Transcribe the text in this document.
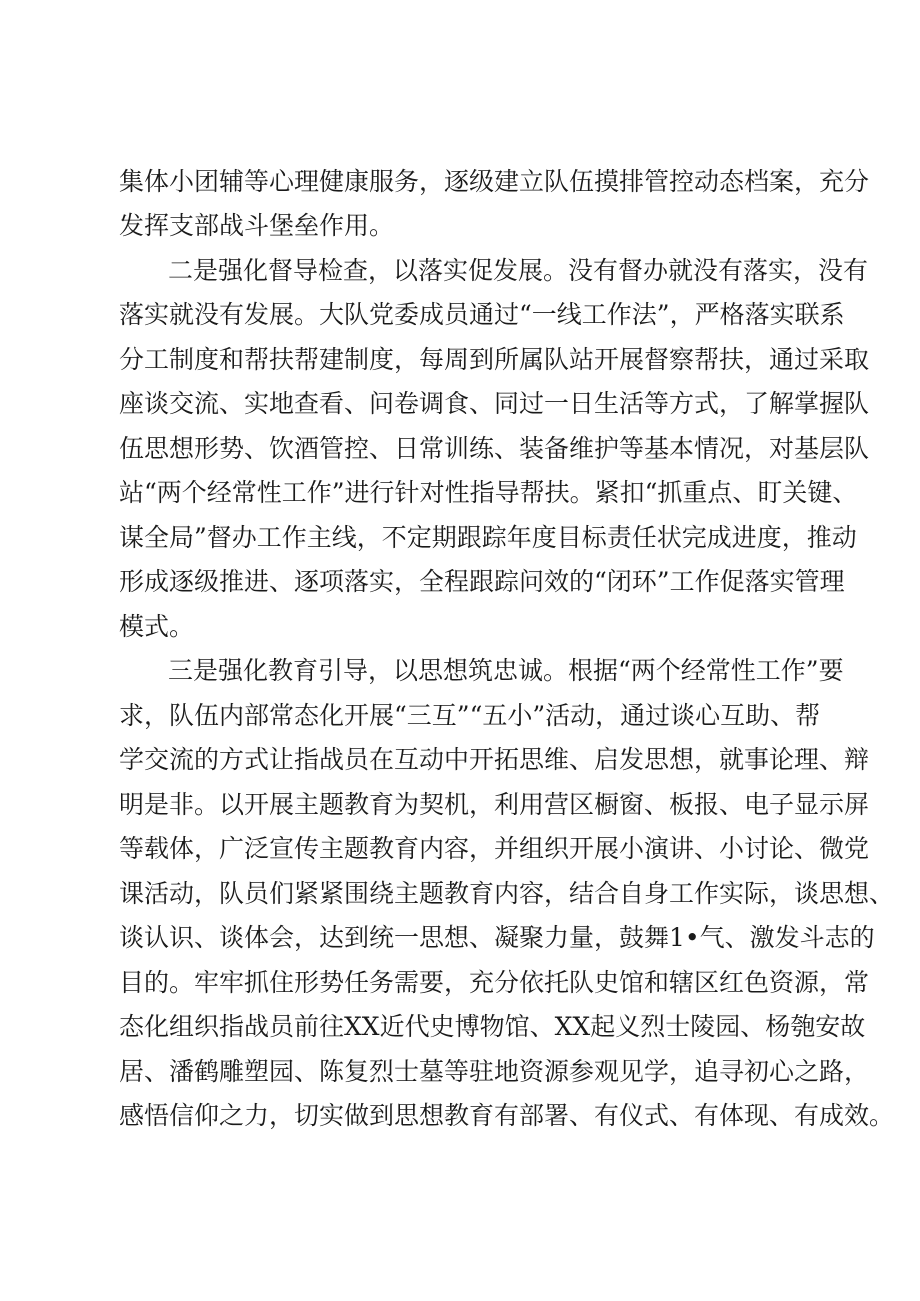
集体小团辅等心理健康服务，逐级建立队伍摸排管控动态档案，充分
发挥支部战斗堡垒作用。
二是强化督导检查，以落实促发展。没有督办就没有落实，没有
落实就没有发展。大队党委成员通过“一线工作法”，严格落实联系
分工制度和帮扶帮建制度，每周到所属队站开展督察帮扶，通过采取
座谈交流、实地查看、问卷调食、同过一日生活等方式，了解掌握队
伍思想形势、饮酒管控、日常训练、装备维护等基本情况，对基层队
站“两个经常性工作”进行针对性指导帮扶。紧扣“抓重点、盯关键、
谋全局”督办工作主线，不定期跟踪年度目标责任状完成进度，推动
形成逐级推进、逐项落实，全程跟踪问效的“闭环”工作促落实管理
模式。
三是强化教育引导，以思想筑忠诚。根据“两个经常性工作”要
求，队伍内部常态化开展“三互”“五小”活动，通过谈心互助、帮
学交流的方式让指战员在互动中开拓思维、启发思想，就事论理、辩
明是非。以开展主题教育为契机，利用营区橱窗、板报、电子显示屏
等载体，广泛宣传主题教育内容，并组织开展小演讲、小讨论、微党
课活动，队员们紧紧围绕主题教育内容，结合自身工作实际，谈思想、
谈认识、谈体会，达到统一思想、凝聚力量，鼓舞1•气、激发斗志的
目的。牢牢抓住形势任务需要，充分依托队史馆和辖区红色资源，常
态化组织指战员前往XX近代史博物馆、XX起义烈士陵园、杨匏安故
居、潘鹤雕塑园、陈复烈士墓等驻地资源参观见学，追寻初心之路，
感悟信仰之力，切实做到思想教育有部署、有仪式、有体现、有成效。
